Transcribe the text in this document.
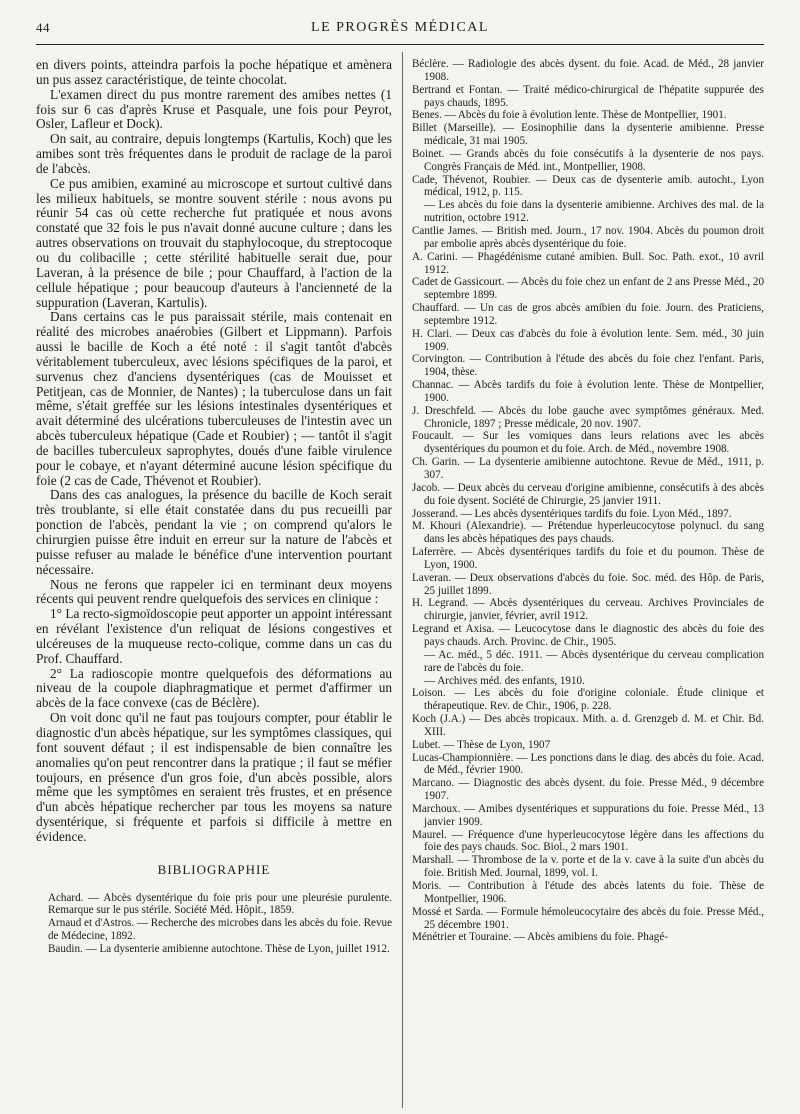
44	LE PROGRÈS MÉDICAL

en divers points, atteindra parfois la poche hépatique et amènera un pus assez caractéristique, de teinte chocolat.

L'examen direct du pus montre rarement des amibes nettes (1 fois sur 6 cas d'après Kruse et Pasquale, une fois pour Peyrot, Osler, Lafleur et Dock).

On sait, au contraire, depuis longtemps (Kartulis, Koch) que les amibes sont très fréquentes dans le produit de raclage de la paroi de l'abcès.

Ce pus amibien, examiné au microscope et surtout cultivé dans les milieux habituels, se montre souvent stérile : nous avons pu réunir 54 cas où cette recherche fut pratiquée et nous avons constaté que 32 fois le pus n'avait donné aucune culture ; dans les autres observations on trouvait du staphylocoque, du streptocoque ou du colibacille ; cette stérilité habituelle serait due, pour Laveran, à la présence de bile ; pour Chauffard, à l'action de la cellule hépatique ; pour beaucoup d'auteurs à l'ancienneté de la suppuration (Laveran, Kartulis).

Dans certains cas le pus paraissait stérile, mais contenait en réalité des microbes anaérobies (Gilbert et Lippmann). Parfois aussi le bacille de Koch a été noté : il s'agit tantôt d'abcès véritablement tuberculeux, avec lésions spécifiques de la paroi, et survenus chez d'anciens dysentériques (cas de Mouisset et Petitjean, cas de Monnier, de Nantes) ; la tuberculose dans un fait même, s'était greffée sur les lésions intestinales dysentériques et avait déterminé des ulcérations tuberculeuses de l'intestin avec un abcès tuberculeux hépatique (Cade et Roubier) ; — tantôt il s'agit de bacilles tuberculeux saprophytes, doués d'une faible virulence pour le cobaye, et n'ayant déterminé aucune lésion spécifique du foie (2 cas de Cade, Thévenot et Roubier).

Dans des cas analogues, la présence du bacille de Koch serait très troublante, si elle était constatée dans du pus recueilli par ponction de l'abcès, pendant la vie ; on comprend qu'alors le chirurgien puisse être induit en erreur sur la nature de l'abcès et puisse refuser au malade le bénéfice d'une intervention pourtant nécessaire.

Nous ne ferons que rappeler ici en terminant deux moyens récents qui peuvent rendre quelquefois des services en clinique :

1° La recto-sigmoïdoscopie peut apporter un appoint intéressant en révélant l'existence d'un reliquat de lésions congestives et ulcéreuses de la muqueuse recto-colique, comme dans un cas du Prof. Chauffard.

2° La radioscopie montre quelquefois des déformations au niveau de la coupole diaphragmatique et permet d'affirmer un abcès de la face convexe (cas de Béclère).

On voit donc qu'il ne faut pas toujours compter, pour établir le diagnostic d'un abcès hépatique, sur les symptômes classiques, qui font souvent défaut ; il est indispensable de bien connaître les anomalies qu'on peut rencontrer dans la pratique ; il faut se méfier toujours, en présence d'un gros foie, d'un abcès possible, alors même que les symptômes en seraient très frustes, et en présence d'un abcès hépatique rechercher par tous les moyens sa nature dysentérique, si fréquente et parfois si difficile à mettre en évidence.

BIBLIOGRAPHIE

Achard. — Abcès dysentérique du foie pris pour une pleurésie purulente. Remarque sur le pus stérile. Société Méd. Hôpit., 1859.

Arnaud et d'Astros. — Recherche des microbes dans les abcès du foie. Revue de Médecine, 1892.

Baudin. — La dysenterie amibienne autochtone. Thèse de Lyon, juillet 1912.

Béclère. — Radiologie des abcès dysent. du foie. Acad. de Méd., 28 janvier 1908.

Bertrand et Fontan. — Traité médico-chirurgical de l'hépatite suppurée des pays chauds, 1895.

Benes. — Abcès du foie à évolution lente. Thèse de Montpellier, 1901.

Billet (Marseille). — Eosinophilie dans la dysenterie amibienne. Presse médicale, 31 mai 1905.

Boinet. — Grands abcès du foie consécutifs à la dysenterie de nos pays. Congrès Français de Méd. int., Montpellier, 1908.

Cade, Thévenot, Roubier. — Deux cas de dysenterie amib. autocht., Lyon médical, 1912, p. 115.

— Les abcès du foie dans la dysenterie amibienne. Archives des mal. de la nutrition, octobre 1912.

Cantlie James. — British med. Journ., 17 nov. 1904. Abcès du poumon droit par embolie après abcès dysentérique du foie.

A. Carini. — Phagédénisme cutané amibien. Bull. Soc. Path. exot., 10 avril 1912.

Cadet de Gassicourt. — Abcès du foie chez un enfant de 2 ans Presse Méd., 20 septembre 1899.

Chauffard. — Un cas de gros abcès amibien du foie. Journ. des Praticiens, septembre 1912.

H. Clari. — Deux cas d'abcès du foie à évolution lente. Sem. méd., 30 juin 1909.

Corvington. — Contribution à l'étude des abcès du foie chez l'enfant. Paris, 1904, thèse.

Channac. — Abcès tardifs du foie à évolution lente. Thèse de Montpellier, 1900.

J. Dreschfeld. — Abcès du lobe gauche avec symptômes généraux. Med. Chronicle, 1897 ; Presse médicale, 20 nov. 1907.

Foucault. — Sur les vomiques dans leurs relations avec les abcès dysentériques du poumon et du foie. Arch. de Méd., novembre 1908.

Ch. Garin. — La dysenterie amibienne autochtone. Revue de Méd., 1911, p. 307.

Jacob. — Deux abcès du cerveau d'origine amibienne, consécutifs à des abcès du foie dysent. Société de Chirurgie, 25 janvier 1911.

Josserand. — Les abcès dysentériques tardifs du foie. Lyon Méd., 1897.

M. Khouri (Alexandrie). — Prétendue hyperleucocytose polynucl. du sang dans les abcès hépatiques des pays chauds.

Laferrère. — Abcès dysentériques tardifs du foie et du poumon. Thèse de Lyon, 1900.

Laveran. — Deux observations d'abcès du foie. Soc. méd. des Hôp. de Paris, 25 juillet 1899.

H. Legrand. — Abcès dysentériques du cerveau. Archives Provinciales de chirurgie, janvier, février, avril 1912.

Legrand et Axisa. — Leucocytose dans le diagnostic des abcès du foie des pays chauds. Arch. Provinc. de Chir., 1905.

— Ac. méd., 5 déc. 1911. — Abcès dysentérique du cerveau complication rare de l'abcès du foie.

— Archives méd. des enfants, 1910.

Loison. — Les abcès du foie d'origine coloniale. Étude clinique et thérapeutique. Rev. de Chir., 1906, p. 228.

Koch (J.A.) — Des abcès tropicaux. Mith. a. d. Grenzgeb d. M. et Chir. Bd. XIII.

Lubet. — Thèse de Lyon, 1907

Lucas-Championnière. — Les ponctions dans le diag. des abcès du foie. Acad. de Méd., février 1900.

Marcano. — Diagnostic des abcès dysent. du foie. Presse Méd., 9 décembre 1907.

Marchoux. — Amibes dysentériques et suppurations du foie. Presse Méd., 13 janvier 1909.

Maurel. — Fréquence d'une hyperleucocytose légère dans les affections du foie des pays chauds. Soc. Biol., 2 mars 1901.

Marshall. — Thrombose de la v. porte et de la v. cave à la suite d'un abcès du foie. British Med. Journal, 1899, vol. I.

Moris. — Contribution à l'étude des abcès latents du foie. Thèse de Montpellier, 1906.

Mossé et Sarda. — Formule hémoleucocytaire des abcès du foie. Presse Méd., 25 décembre 1901.

Ménétrier et Touraine. — Abcès amibiens du foie. Phagé-
